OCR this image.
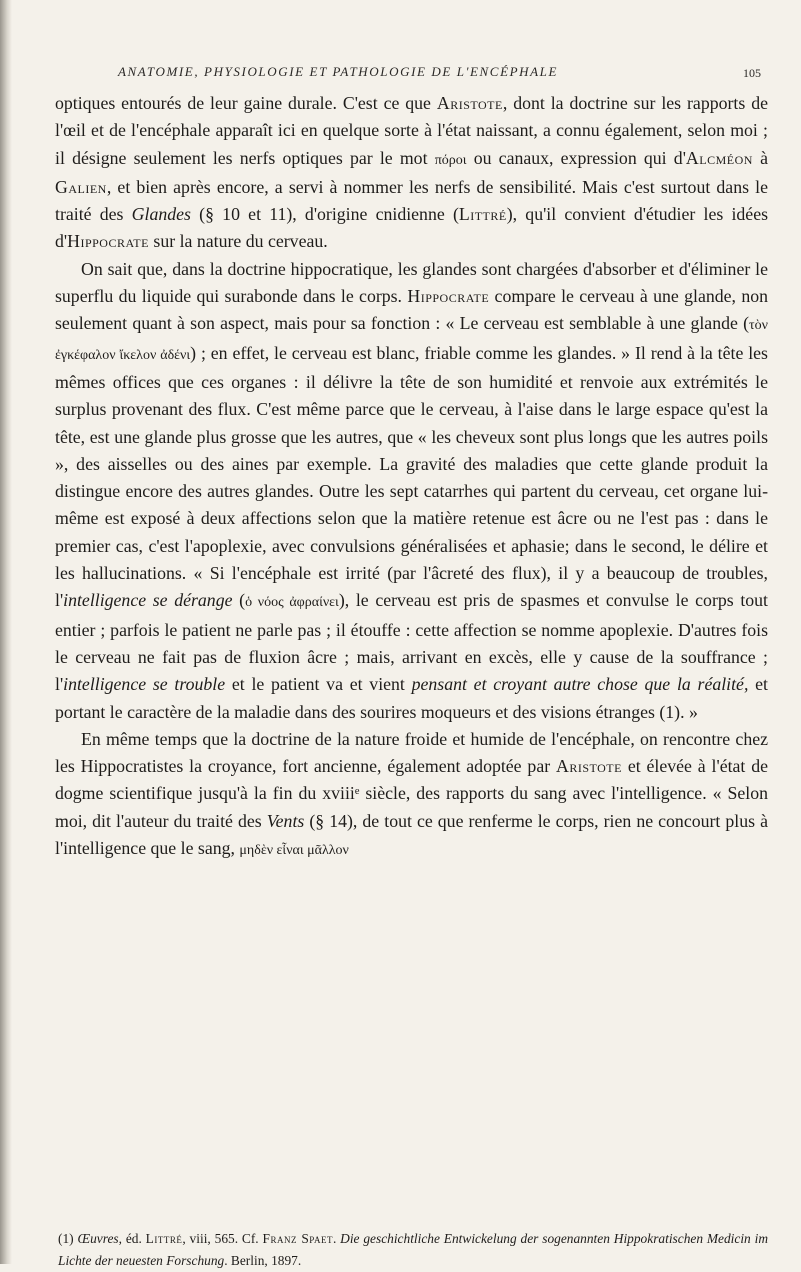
ANATOMIE, PHYSIOLOGIE ET PATHOLOGIE DE L'ENCÉPHALE	105

optiques entourés de leur gaine durale. C'est ce que Aristote, dont la doctrine sur les rapports de l'œil et de l'encéphale apparaît ici en quelque sorte à l'état naissant, a connu également, selon moi ; il désigne seulement les nerfs optiques par le mot πόροι ou canaux, expression qui d'Alcméon à Galien, et bien après encore, a servi à nommer les nerfs de sensibilité. Mais c'est surtout dans le traité des Glandes (§ 10 et 11), d'origine cnidienne (Littré), qu'il convient d'étudier les idées d'Hippocrate sur la nature du cerveau.

On sait que, dans la doctrine hippocratique, les glandes sont chargées d'absorber et d'éliminer le superflu du liquide qui surabonde dans le corps. Hippocrate compare le cerveau à une glande, non seulement quant à son aspect, mais pour sa fonction : « Le cerveau est semblable à une glande (τὸν ἐγκέφαλον ἴκελον ἀδένι) ; en effet, le cerveau est blanc, friable comme les glandes. » Il rend à la tête les mêmes offices que ces organes : il délivre la tête de son humidité et renvoie aux extrémités le surplus provenant des flux. C'est même parce que le cerveau, à l'aise dans le large espace qu'est la tête, est une glande plus grosse que les autres, que « les cheveux sont plus longs que les autres poils », des aisselles ou des aines par exemple. La gravité des maladies que cette glande produit la distingue encore des autres glandes. Outre les sept catarrhes qui partent du cerveau, cet organe lui-même est exposé à deux affections selon que la matière retenue est âcre ou ne l'est pas : dans le premier cas, c'est l'apoplexie, avec convulsions généralisées et aphasie; dans le second, le délire et les hallucinations. « Si l'encéphale est irrité (par l'âcreté des flux), il y a beaucoup de troubles, l'intelligence se dérange (ὁ νόος ἀφραίνει), le cerveau est pris de spasmes et convulse le corps tout entier ; parfois le patient ne parle pas ; il étouffe : cette affection se nomme apoplexie. D'autres fois le cerveau ne fait pas de fluxion âcre ; mais, arrivant en excès, elle y cause de la souffrance ; l'intelligence se trouble et le patient va et vient pensant et croyant autre chose que la réalité, et portant le caractère de la maladie dans des sourires moqueurs et des visions étranges (1). »

En même temps que la doctrine de la nature froide et humide de l'encéphale, on rencontre chez les Hippocratistes la croyance, fort ancienne, également adoptée par Aristote et élevée à l'état de dogme scientifique jusqu'à la fin du xviiiᵉ siècle, des rapports du sang avec l'intelligence. « Selon moi, dit l'auteur du traité des Vents (§ 14), de tout ce que renferme le corps, rien ne concourt plus à l'intelligence que le sang, μηδὲν εἶναι μᾶλλον

(1) Œuvres, éd. Littré, viii, 565. Cf. Franz Spaet. Die geschichtliche Entwickelung der sogenannten Hippokratischen Medicin im Lichte der neuesten Forschung. Berlin, 1897.
